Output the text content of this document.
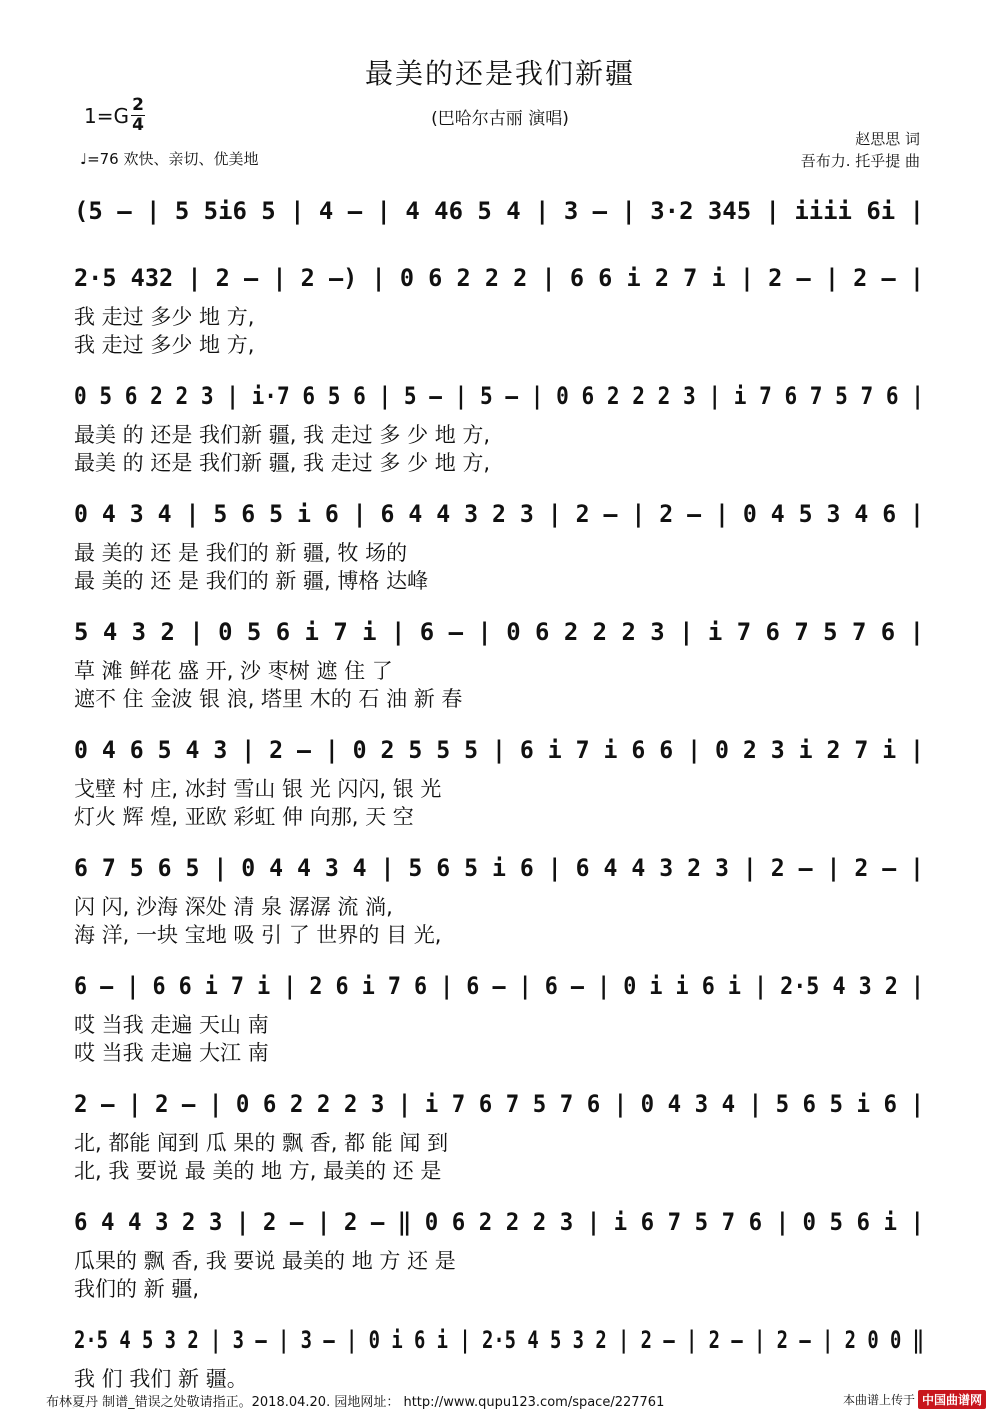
最美的还是我们新疆
(巴哈尔古丽 演唱)
1=G 2
4
♩=76 欢快、亲切、优美地
赵思思 词
吾布力. 托乎提 曲
(5 – | 5 5i6 5 | 4 – | 4 46 5 4 | 3 – | 3·2 345 | iiii 6i |
2·5 432 | 2 – | 2 –) | 0 6 2 2 2 | 6 6 i 2 7 i | 2 – | 2 – |
我 走过 多少 地 方,
我 走过 多少 地 方,
0 5 6 2 2 3 | i·7 6 5 6 | 5 – | 5 – | 0 6 2 2 2 3 | i 7 6 7 5 7 6 |
最美 的 还是 我们新 疆, 我 走过 多 少 地 方,
最美 的 还是 我们新 疆, 我 走过 多 少 地 方,
0 4 3 4 | 5 6 5 i 6 | 6 4 4 3 2 3 | 2 – | 2 – | 0 4 5 3 4 6 |
最 美的 还 是 我们的 新 疆, 牧 场的
最 美的 还 是 我们的 新 疆, 博格 达峰
5 4 3 2 | 0 5 6 i 7 i | 6 – | 0 6 2 2 2 3 | i 7 6 7 5 7 6 |
草 滩 鲜花 盛 开, 沙 枣树 遮 住 了
遮不 住 金波 银 浪, 塔里 木的 石 油 新 春
0 4 6 5 4 3 | 2 – | 0 2 5 5 5 | 6 i 7 i 6 6 | 0 2 3 i 2 7 i |
戈壁 村 庄, 冰封 雪山 银 光 闪闪, 银 光
灯火 辉 煌, 亚欧 彩虹 伸 向那, 天 空
6 7 5 6 5 | 0 4 4 3 4 | 5 6 5 i 6 | 6 4 4 3 2 3 | 2 – | 2 – |
闪 闪, 沙海 深处 清 泉 潺潺 流 淌,
海 洋, 一块 宝地 吸 引 了 世界的 目 光,
6 – | 6 6 i 7 i | 2 6 i 7 6 | 6 – | 6 – | 0 i i 6 i | 2·5 4 3 2 |
哎 当我 走遍 天山 南
哎 当我 走遍 大江 南
2 – | 2 – | 0 6 2 2 2 3 | i 7 6 7 5 7 6 | 0 4 3 4 | 5 6 5 i 6 |
北, 都能 闻到 瓜 果的 飘 香, 都 能 闻 到
北, 我 要说 最 美的 地 方, 最美的 还 是
6 4 4 3 2 3 | 2 – | 2 – ‖ 0 6 2 2 2 3 | i 6 7 5 7 6 | 0 5 6 i |
瓜果的 飘 香, 我 要说 最美的 地 方 还 是
我们的 新 疆,
2·5 4 5 3 2 | 3 – | 3 – | 0 i 6 i | 2·5 4 5 3 2 | 2 – | 2 – | 2 – | 2 0 0 ‖
我 们 我们 新 疆。
布林夏丹 制谱_错误之处敬请指正。2018.04.20. 园地网址： http://www.qupu123.com/space/227761	本曲谱上传于 中国曲谱网
